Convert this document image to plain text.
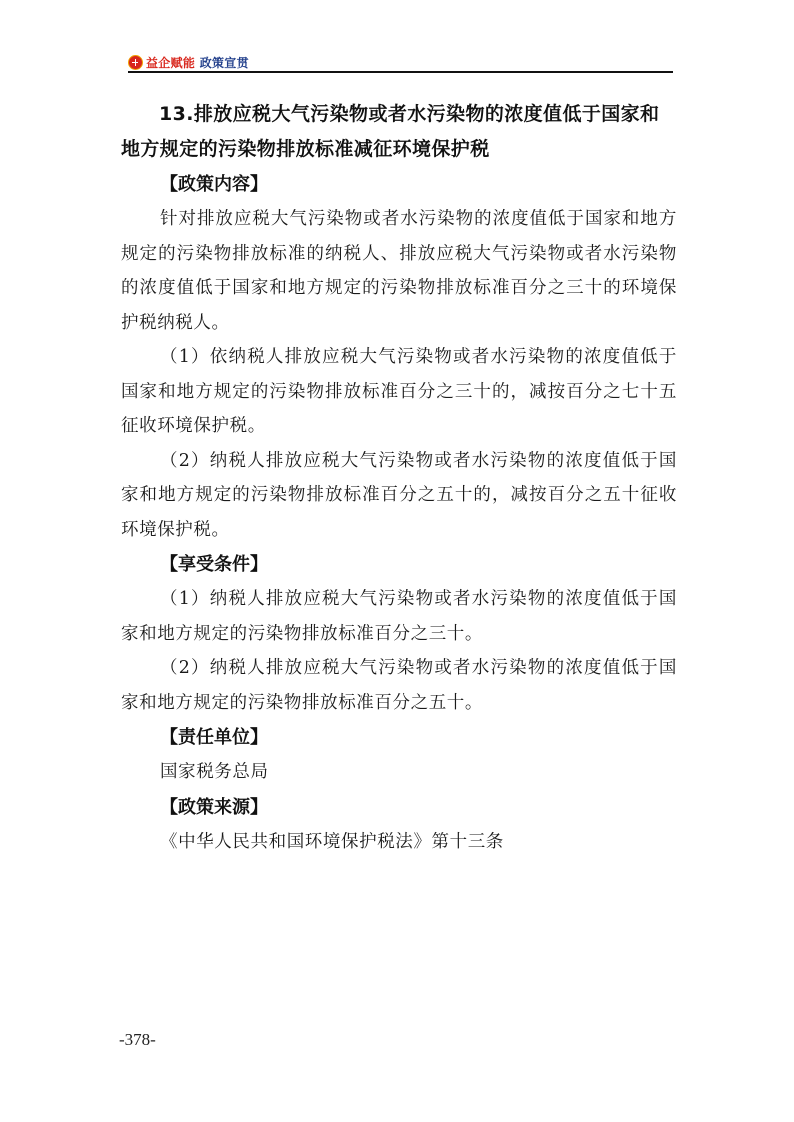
益企赋能 政策宣贯
13.排放应税大气污染物或者水污染物的浓度值低于国家和地方规定的污染物排放标准减征环境保护税
【政策内容】

针对排放应税大气污染物或者水污染物的浓度值低于国家和地方规定的污染物排放标准的纳税人、排放应税大气污染物或者水污染物的浓度值低于国家和地方规定的污染物排放标准百分之三十的环境保护税纳税人。

（1）依纳税人排放应税大气污染物或者水污染物的浓度值低于国家和地方规定的污染物排放标准百分之三十的，减按百分之七十五征收环境保护税。

（2）纳税人排放应税大气污染物或者水污染物的浓度值低于国家和地方规定的污染物排放标准百分之五十的，减按百分之五十征收环境保护税。

【享受条件】

（1）纳税人排放应税大气污染物或者水污染物的浓度值低于国家和地方规定的污染物排放标准百分之三十。

（2）纳税人排放应税大气污染物或者水污染物的浓度值低于国家和地方规定的污染物排放标准百分之五十。

【责任单位】

国家税务总局

【政策来源】

《中华人民共和国环境保护税法》第十三条

-378-
